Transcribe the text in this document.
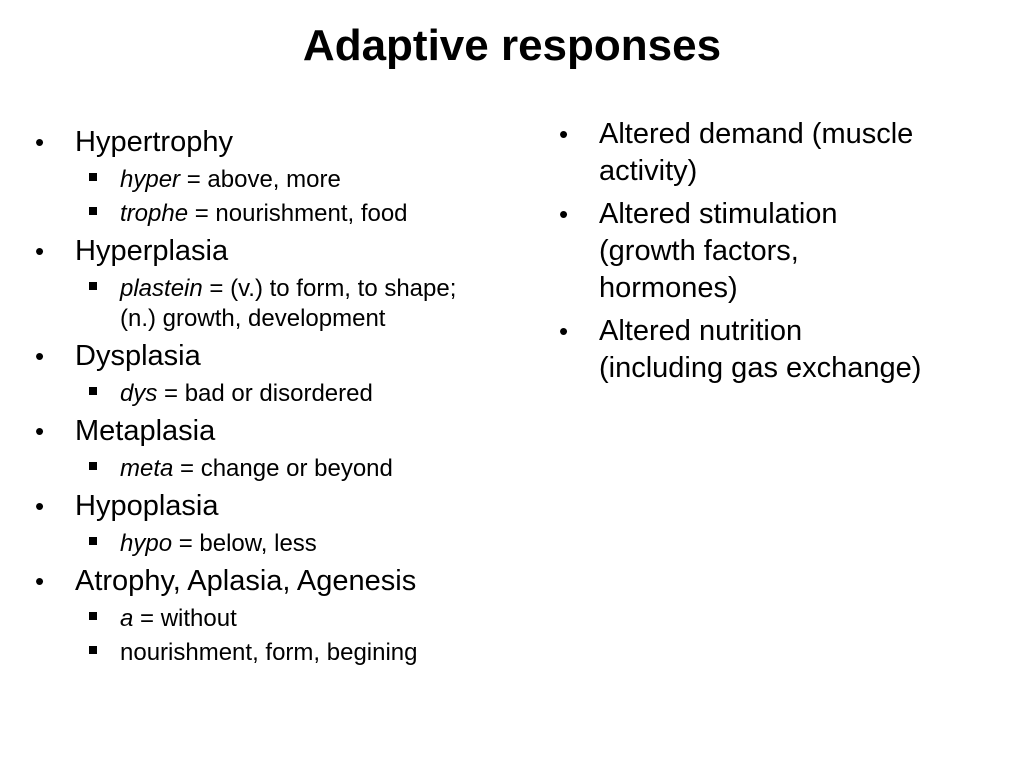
Adaptive responses
• Hypertrophy
hyper = above, more
trophe = nourishment, food
• Hyperplasia
plastein = (v.) to form, to shape;
(n.) growth, development
• Dysplasia
dys = bad or disordered
• Metaplasia
meta = change or beyond
• Hypoplasia
hypo = below, less
• Atrophy, Aplasia, Agenesis
a = without
nourishment, form, begining
• Altered demand (muscle
activity)
• Altered stimulation
(growth factors,
hormones)
• Altered nutrition
(including gas exchange)
